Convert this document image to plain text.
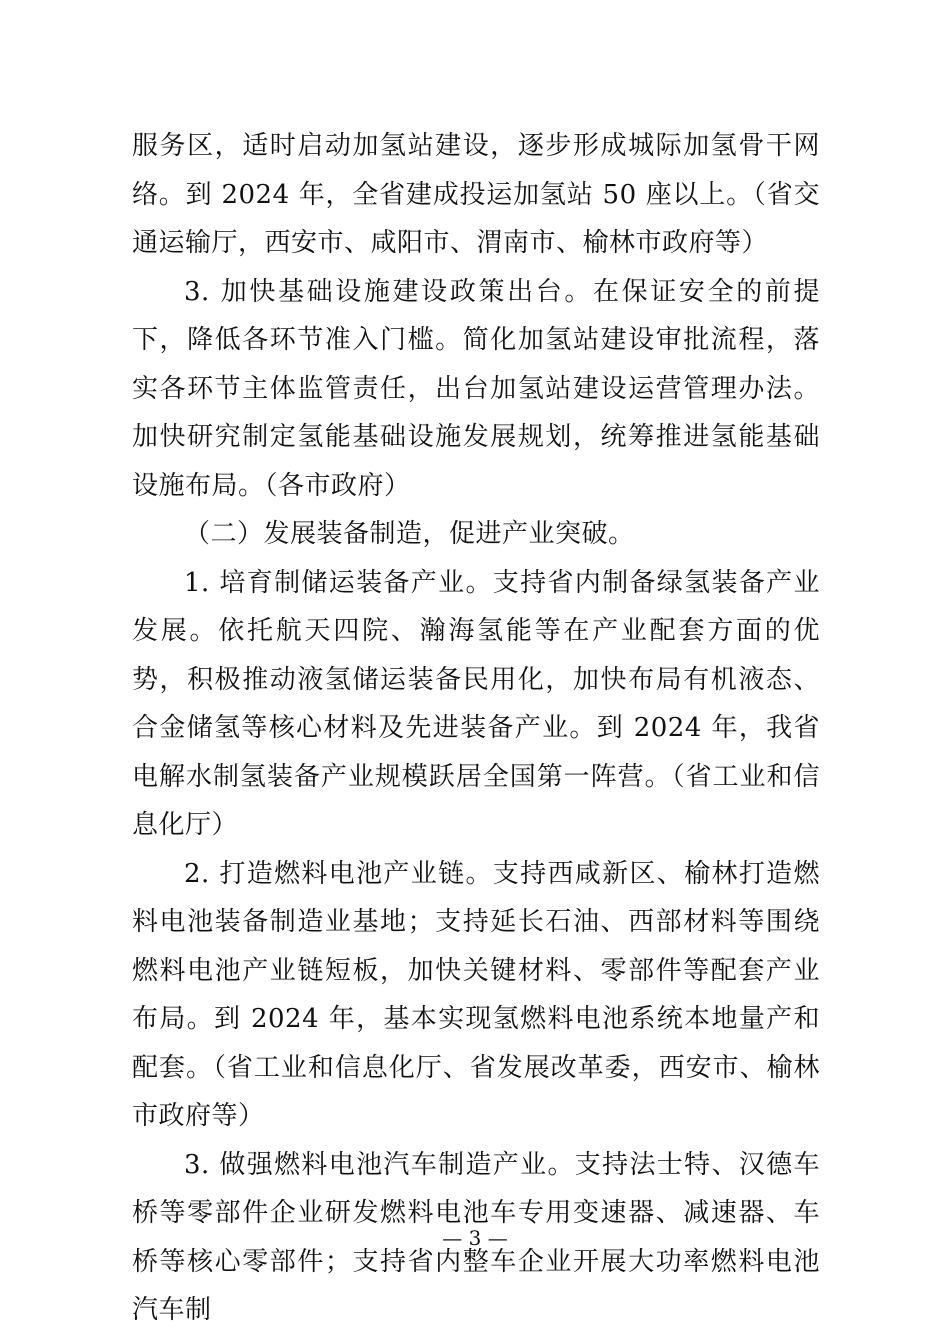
服务区，适时启动加氢站建设，逐步形成城际加氢骨干网络。到 2024 年，全省建成投运加氢站 50 座以上。（省交通运输厅，西安市、咸阳市、渭南市、榆林市政府等）

3. 加快基础设施建设政策出台。在保证安全的前提下，降低各环节准入门槛。简化加氢站建设审批流程，落实各环节主体监管责任，出台加氢站建设运营管理办法。加快研究制定氢能基础设施发展规划，统筹推进氢能基础设施布局。（各市政府）

（二）发展装备制造，促进产业突破。

1. 培育制储运装备产业。支持省内制备绿氢装备产业发展。依托航天四院、瀚海氢能等在产业配套方面的优势，积极推动液氢储运装备民用化，加快布局有机液态、合金储氢等核心材料及先进装备产业。到 2024 年，我省电解水制氢装备产业规模跃居全国第一阵营。（省工业和信息化厅）

2. 打造燃料电池产业链。支持西咸新区、榆林打造燃料电池装备制造业基地；支持延长石油、西部材料等围绕燃料电池产业链短板，加快关键材料、零部件等配套产业布局。到 2024 年，基本实现氢燃料电池系统本地量产和配套。（省工业和信息化厅、省发展改革委，西安市、榆林市政府等）

3. 做强燃料电池汽车制造产业。支持法士特、汉德车桥等零部件企业研发燃料电池车专用变速器、减速器、车桥等核心零部件；支持省内整车企业开展大功率燃料电池汽车制

— 3 —
